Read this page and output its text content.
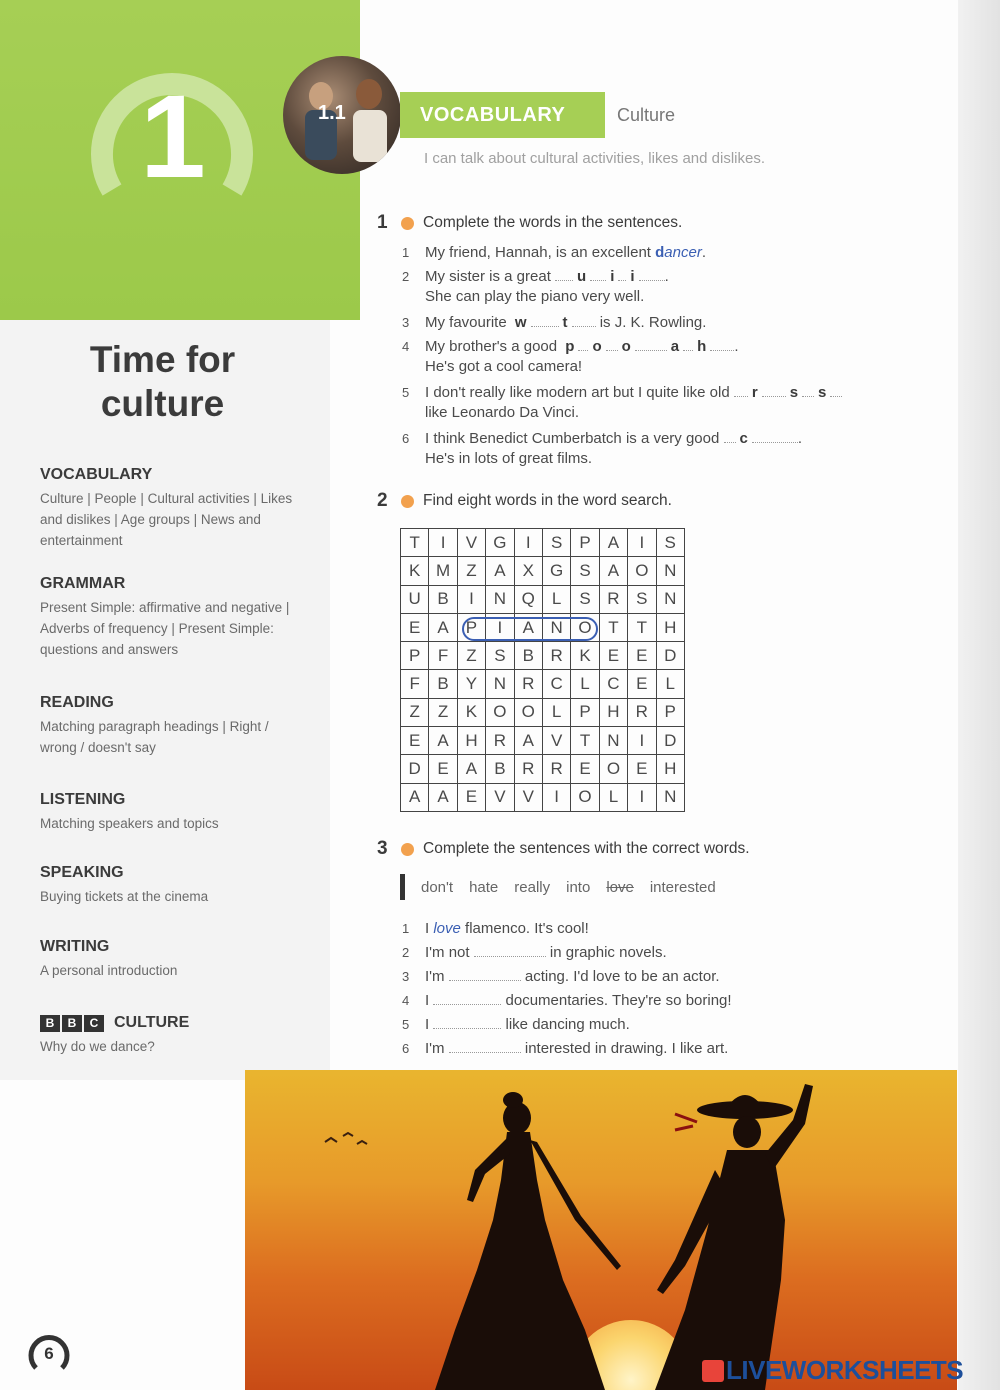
1	1.1	VOCABULARY	Culture
I can talk about cultural activities, likes and dislikes.
Time for
culture
VOCABULARY
Culture | People | Cultural activities | Likes and dislikes | Age groups | News and entertainment
GRAMMAR
Present Simple: affirmative and negative | Adverbs of frequency | Present Simple: questions and answers
READING
Matching paragraph headings | Right / wrong / doesn't say
LISTENING
Matching speakers and topics
SPEAKING
Buying tickets at the cinema
WRITING
A personal introduction
B B C CULTURE
Why do we dance?
1	Complete the words in the sentences.
1 My friend, Hannah, is an excellent dancer.
2 My sister is a great u i i .
She can play the piano very well.
3 My favourite w t is J. K. Rowling.
4 My brother's a good p o o	a h .
He's got a cool camera!
5 I don't really like modern art but I quite like old r s s
like Leonardo Da Vinci.
6 I think Benedict Cumberbatch is a very good c	.
He's in lots of great films.
2	Find eight words in the word search.
T	I	V	G	I	S	P	A	I	S
K	M	Z	A	X	G	S	A	O	N
U	B	I	N	Q	L	S	R	S	N
E	A	P	I	A	N	O	T	T	H
P	F	Z	S	B	R	K	E	E	D
F	B	Y	N	R	C	L	C	E	L
Z	Z	K	O	O	L	P	H	R	P
E	A	H	R	A	V	T	N	I	D
D	E	A	B	R	R	E	O	E	H
A	A	E	V	V	I	O	L	I	N
3	Complete the sentences with the correct words.
don't hate really into love interested
1 I love flamenco. It's cool!
2 I'm not	in graphic novels.
3 I'm	acting. I'd love to be an actor.
4 I	documentaries. They're so boring!
5 I	like dancing much.
6 I'm	interested in drawing. I like art.
6
LIVEWORKSHEETS
